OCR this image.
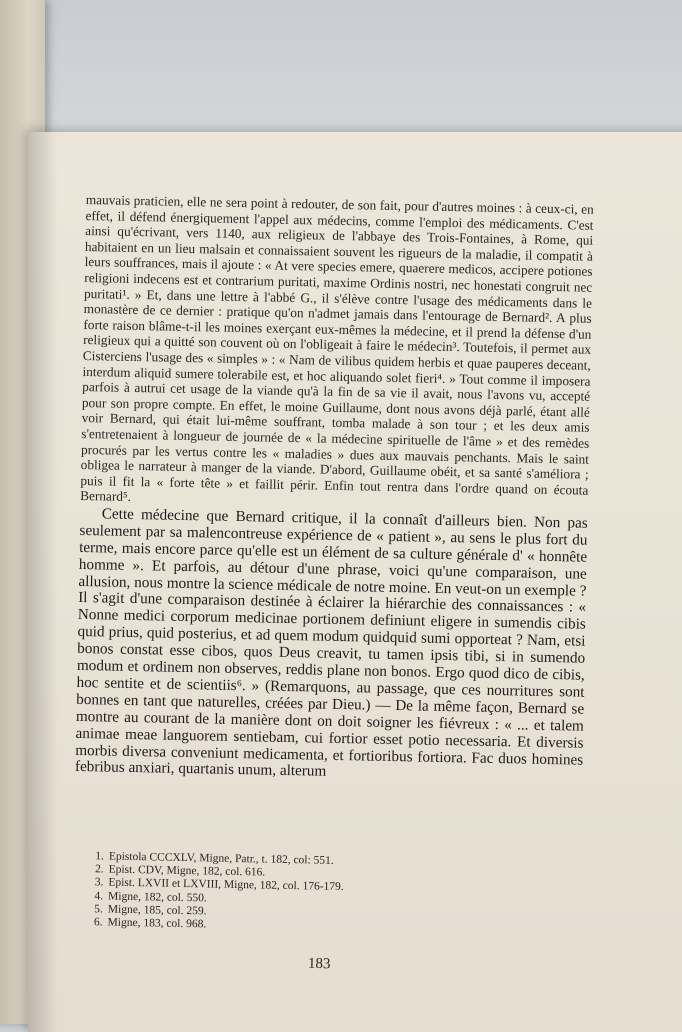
mauvais praticien, elle ne sera point à redouter, de son fait, pour d'autres moines : à ceux-ci, en effet, il défend énergiquement l'appel aux médecins, comme l'emploi des médicaments. C'est ainsi qu'écrivant, vers 1140, aux religieux de l'abbaye des Trois-Fontaines, à Rome, qui habitaient en un lieu malsain et connaissaient souvent les rigueurs de la maladie, il compatit à leurs souffrances, mais il ajoute : « At vere species emere, quaerere medicos, accipere potiones religioni indecens est et contrarium puritati, maxime Ordinis nostri, nec honestati congruit nec puritati¹. » Et, dans une lettre à l'abbé G., il s'élève contre l'usage des médicaments dans le monastère de ce dernier : pratique qu'on n'admet jamais dans l'entourage de Bernard². A plus forte raison blâme-t-il les moines exerçant eux-mêmes la médecine, et il prend la défense d'un religieux qui a quitté son couvent où on l'obligeait à faire le médecin³. Toutefois, il permet aux Cisterciens l'usage des « simples » : « Nam de vilibus quidem herbis et quae pauperes deceant, interdum aliquid sumere tolerabile est, et hoc aliquando solet fieri⁴. » Tout comme il imposera parfois à autrui cet usage de la viande qu'à la fin de sa vie il avait, nous l'avons vu, accepté pour son propre compte. En effet, le moine Guillaume, dont nous avons déjà parlé, étant allé voir Bernard, qui était lui-même souffrant, tomba malade à son tour ; et les deux amis s'entretenaient à longueur de journée de « la médecine spirituelle de l'âme » et des remèdes procurés par les vertus contre les « maladies » dues aux mauvais penchants. Mais le saint obligea le narrateur à manger de la viande. D'abord, Guillaume obéit, et sa santé s'améliora ; puis il fit la « forte tête » et faillit périr. Enfin tout rentra dans l'ordre quand on écouta Bernard⁵.

Cette médecine que Bernard critique, il la connaît d'ailleurs bien. Non pas seulement par sa malencontreuse expérience de « patient », au sens le plus fort du terme, mais encore parce qu'elle est un élément de sa culture générale d' « honnête homme ». Et parfois, au détour d'une phrase, voici qu'une comparaison, une allusion, nous montre la science médicale de notre moine. En veut-on un exemple ? Il s'agit d'une comparaison destinée à éclairer la hiérarchie des connaissances : « Nonne medici corporum medicinae portionem definiunt eligere in sumendis cibis quid prius, quid posterius, et ad quem modum quidquid sumi opporteat ? Nam, etsi bonos constat esse cibos, quos Deus creavit, tu tamen ipsis tibi, si in sumendo modum et ordinem non observes, reddis plane non bonos. Ergo quod dico de cibis, hoc sentite et de scientiis⁶. » (Remarquons, au passage, que ces nourritures sont bonnes en tant que naturelles, créées par Dieu.) — De la même façon, Bernard se montre au courant de la manière dont on doit soigner les fiévreux : « ... et talem animae meae languorem sentiebam, cui fortior esset potio necessaria. Et diversis morbis diversa conveniunt medicamenta, et fortioribus fortiora. Fac duos homines febribus anxiari, quartanis unum, alterum

1. Epistola CCCXLV, Migne, Patr., t. 182, col: 551.

2. Epist. CDV, Migne, 182, col. 616.

3. Epist. LXVII et LXVIII, Migne, 182, col. 176-179.

4. Migne, 182, col. 550.

5. Migne, 185, col. 259.

6. Migne, 183, col. 968.

183
